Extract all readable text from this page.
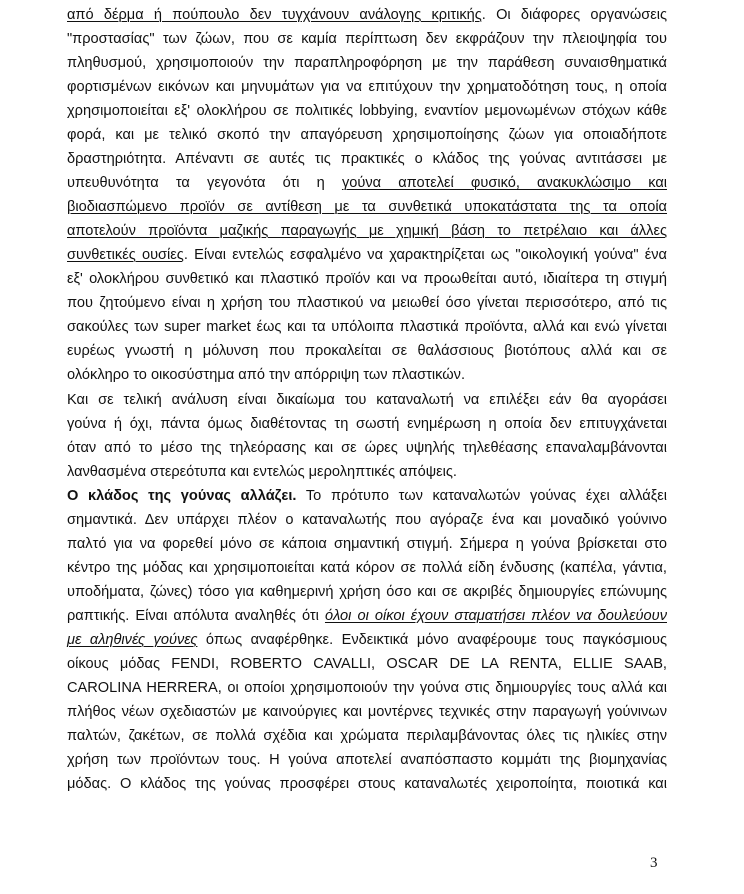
από δέρμα ή πούπουλο δεν τυγχάνουν ανάλογης κριτικής. Οι διάφορες οργανώσεις
"προστασίας" των ζώων, που σε καμία περίπτωση δεν εκφράζουν την πλειοψηφία του
πληθυσμού, χρησιμοποιούν την παραπληροφόρηση με την παράθεση συναισθηματικά
φορτισμένων εικόνων και μηνυμάτων για να επιτύχουν την χρηματοδότηση τους, η οποία
χρησιμοποιείται εξ' ολοκλήρου σε πολιτικές lobbying, εναντίον μεμονωμένων στόχων κάθε
φορά, και με τελικό σκοπό την απαγόρευση χρησιμοποίησης ζώων για οποιαδήποτε
δραστηριότητα. Απέναντι σε αυτές τις πρακτικές ο κλάδος της γούνας αντιτάσσει με
υπευθυνότητα τα γεγονότα ότι η γούνα αποτελεί φυσικό, ανακυκλώσιμο και
βιοδιασπώμενο προϊόν σε αντίθεση με τα συνθετικά υποκατάστατα της τα οποία
αποτελούν προϊόντα μαζικής παραγωγής με χημική βάση το πετρέλαιο και άλλες
συνθετικές ουσίες. Είναι εντελώς εσφαλμένο να χαρακτηρίζεται ως "οικολογική γούνα" ένα
εξ' ολοκλήρου συνθετικό και πλαστικό προϊόν και να προωθείται αυτό, ιδιαίτερα τη στιγμή
που ζητούμενο είναι η χρήση του πλαστικού να μειωθεί όσο γίνεται περισσότερο, από τις
σακούλες των super market έως και τα υπόλοιπα πλαστικά προϊόντα, αλλά και ενώ γίνεται
ευρέως γνωστή η μόλυνση που προκαλείται σε θαλάσσιους βιοτόπους αλλά και σε
ολόκληρο το οικοσύστημα από την απόρριψη των πλαστικών.
Και σε τελική ανάλυση είναι δικαίωμα του καταναλωτή να επιλέξει εάν θα αγοράσει
γούνα ή όχι, πάντα όμως διαθέτοντας τη σωστή ενημέρωση η οποία δεν επιτυγχάνεται
όταν από το μέσο της τηλεόρασης και σε ώρες υψηλής τηλεθέασης επαναλαμβάνονται
λανθασμένα στερεότυπα και εντελώς μεροληπτικές απόψεις.
Ο κλάδος της γούνας αλλάζει. Το πρότυπο των καταναλωτών γούνας έχει αλλάξει
σημαντικά. Δεν υπάρχει πλέον ο καταναλωτής που αγόραζε ένα και μοναδικό γούνινο
παλτό για να φορεθεί μόνο σε κάποια σημαντική στιγμή. Σήμερα η γούνα βρίσκεται στο
κέντρο της μόδας και χρησιμοποιείται κατά κόρον σε πολλά είδη ένδυσης (καπέλα, γάντια,
υποδήματα, ζώνες) τόσο για καθημερινή χρήση όσο και σε ακριβές δημιουργίες επώνυμης
ραπτικής. Είναι απόλυτα αναληθές ότι όλοι οι οίκοι έχουν σταματήσει πλέον να δουλεύουν
με αληθινές γούνες όπως αναφέρθηκε. Ενδεικτικά μόνο αναφέρουμε τους παγκόσμιους
οίκους μόδας FENDI, ROBERTO CAVALLI, OSCAR DE LA RENTA, ELLIE SAAB,
CAROLINA HERRERA, οι οποίοι χρησιμοποιούν την γούνα στις δημιουργίες τους αλλά και
πλήθος νέων σχεδιαστών με καινούργιες και μοντέρνες τεχνικές στην παραγωγή γούνινων
παλτών, ζακέτων, σε πολλά σχέδια και χρώματα περιλαμβάνοντας όλες τις ηλικίες στην
χρήση των προϊόντων τους. Η γούνα αποτελεί αναπόσπαστο κομμάτι της βιομηχανίας
μόδας. Ο κλάδος της γούνας προσφέρει στους καταναλωτές χειροποίητα, ποιοτικά και
3
